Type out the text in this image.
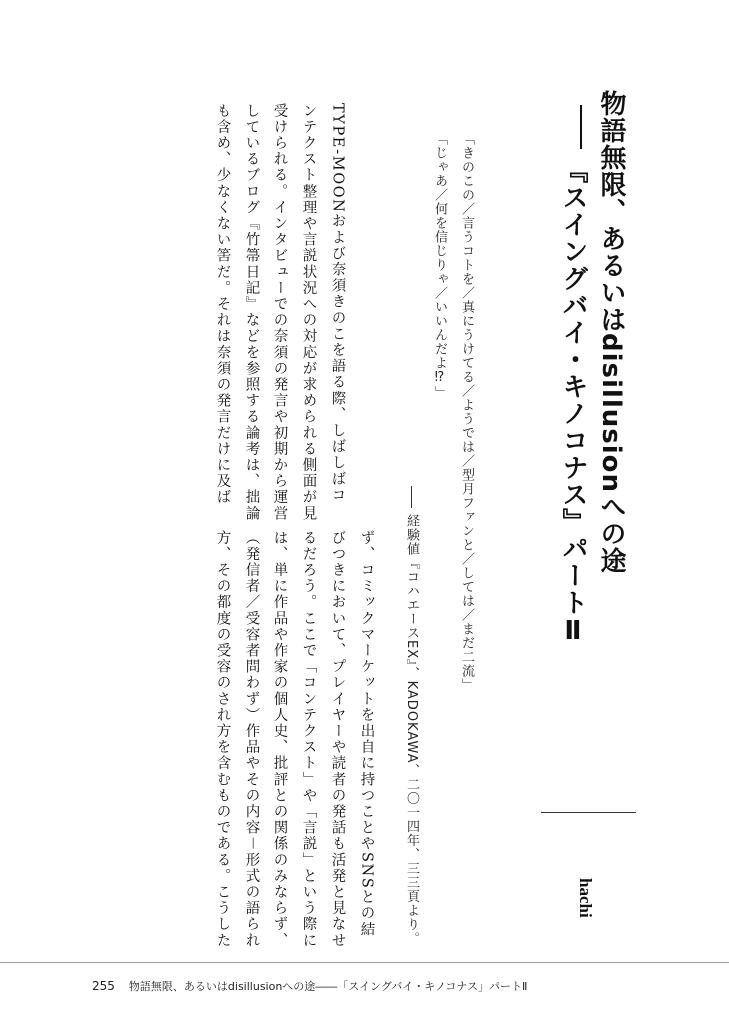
物語無限、あるいはdisillusionへの途
『スイングバイ・キノコナス』パートⅡ
「きのこの／言うコトを／真にうけてる／ようでは／型月ファンと／しては／まだ二流」
「じゃあ／何を信じりゃ／いいんだよ⁉」
経験値『コハエースEX』、KADOKAWA、二〇一四年、三三頁より。
TYPE-MOONおよび奈須きのこを語る際、しばしばコ
ンテクスト整理や言説状況への対応が求められる側面が見
受けられる。インタビューでの奈須の発言や初期から運営
しているブログ『竹箒日記』などを参照する論考は、拙論
も含め、少なくない筈だ。それは奈須の発言だけに及ば
ず、コミックマーケットを出自に持つことやSNSとの結
びつきにおいて、プレイヤーや読者の発話も活発と見なせ
るだろう。ここで「コンテクスト」や「言説」という際に
は、単に作品や作家の個人史、批評との関係のみならず、
（発信者／受容者問わず）作品やその内容－形式の語られ
方、その都度の受容のされ方を含むものである。こうした	hachi
255 物語無限、あるいはdisillusionへの途――「スイングバイ・キノコナス」パートⅡ
